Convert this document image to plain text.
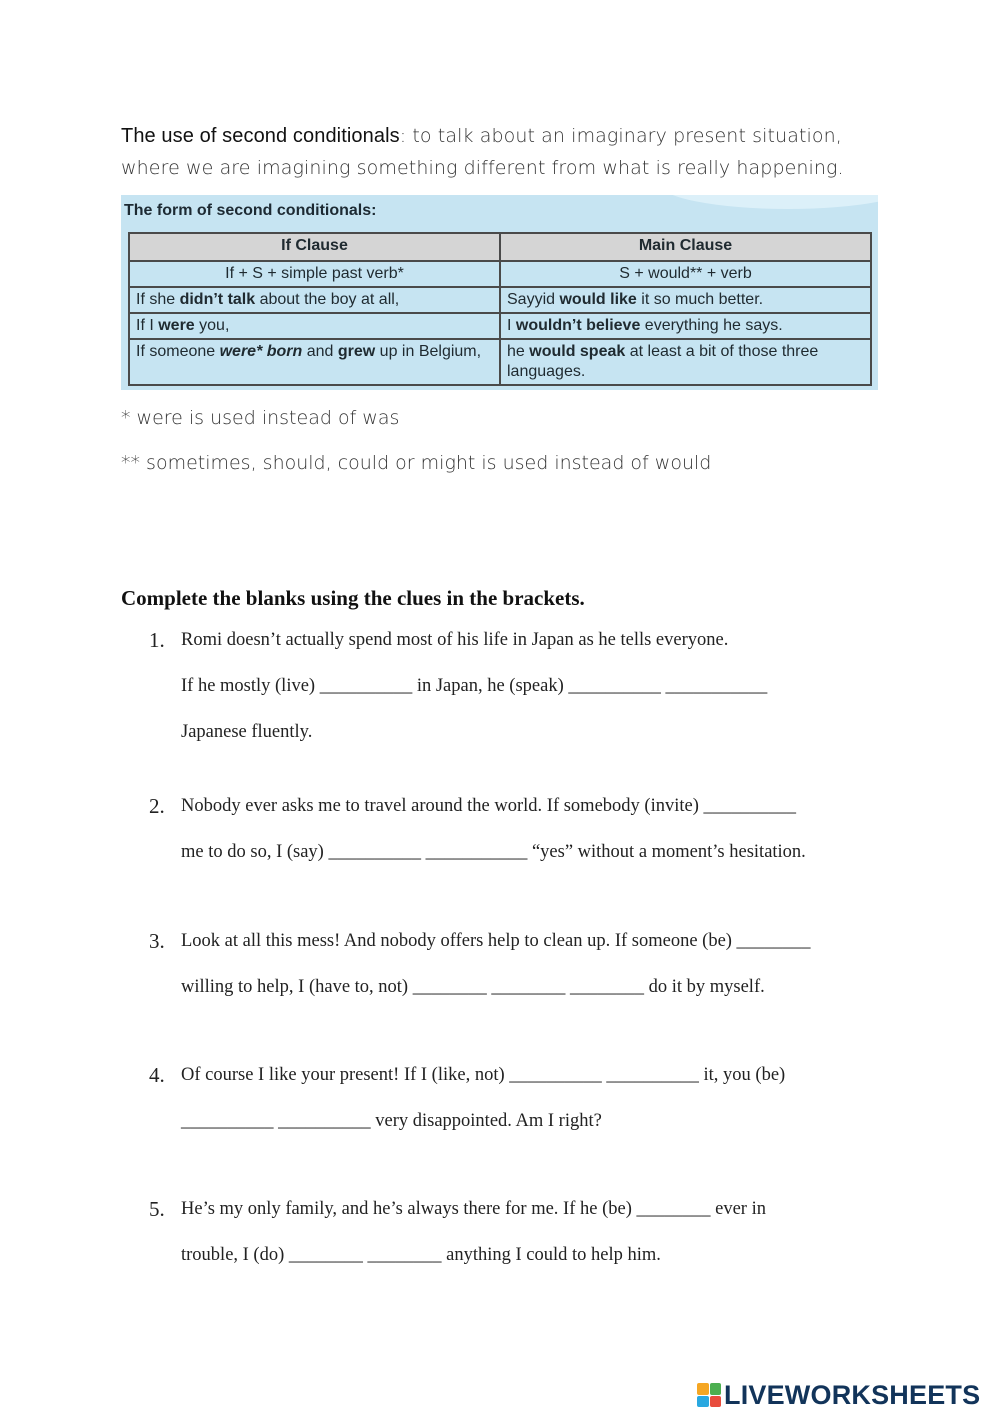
The use of second conditionals: to talk about an imaginary present situation, where we are imagining something different from what is really happening.
The form of second conditionals:
If Clause	Main Clause
If + S + simple past verb*	S + would** + verb
If she didn’t talk about the boy at all,	Sayyid would like it so much better.
If I were you,	I wouldn’t believe everything he says.
If someone were* born and grew up in Belgium,	he would speak at least a bit of those three languages.
* were is used instead of was
** sometimes, should, could or might is used instead of would
Complete the blanks using the clues in the brackets.
1. Romi doesn’t actually spend most of his life in Japan as he tells everyone.
If he mostly (live) __________ in Japan, he (speak) __________ ___________
Japanese fluently.
2. Nobody ever asks me to travel around the world. If somebody (invite) __________
me to do so, I (say) __________ ___________ “yes” without a moment’s hesitation.
3. Look at all this mess! And nobody offers help to clean up. If someone (be) ________
willing to help, I (have to, not) ________ ________ ________ do it by myself.
4. Of course I like your present! If I (like, not) __________ __________ it, you (be)
__________ __________ very disappointed. Am I right?
5. He’s my only family, and he’s always there for me. If he (be) ________ ever in
trouble, I (do) ________ ________ anything I could to help him.
LIVEWORKSHEETS
